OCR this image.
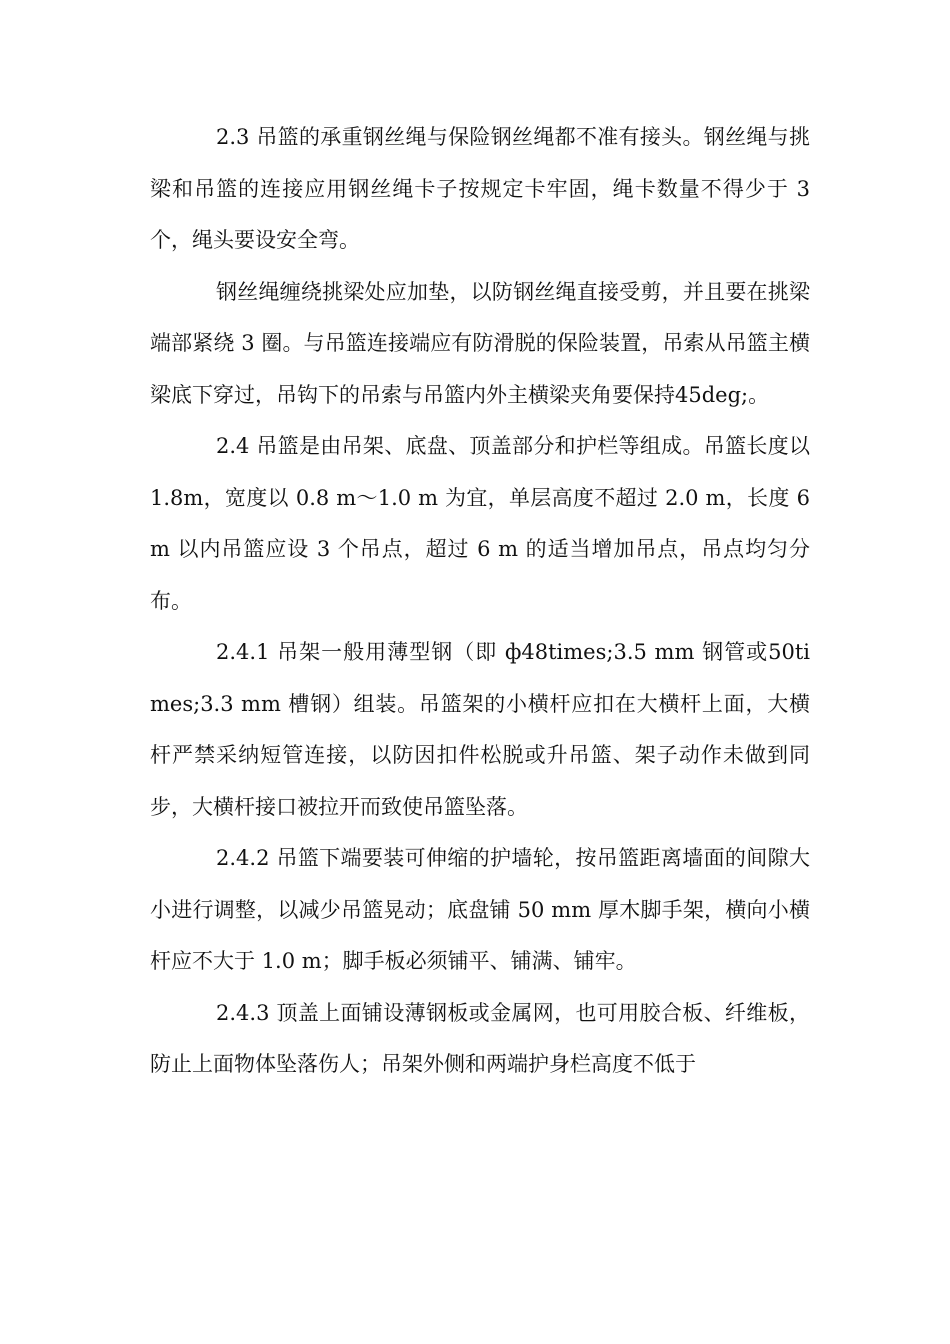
2.3 吊篮的承重钢丝绳与保险钢丝绳都不准有接头。钢丝绳与挑梁和吊篮的连接应用钢丝绳卡子按规定卡牢固，绳卡数量不得少于 3 个，绳头要设安全弯。

钢丝绳缠绕挑梁处应加垫，以防钢丝绳直接受剪，并且要在挑梁端部紧绕 3 圈。与吊篮连接端应有防滑脱的保险装置，吊索从吊篮主横梁底下穿过，吊钩下的吊索与吊篮内外主横梁夹角要保持45deg;。

2.4 吊篮是由吊架、底盘、顶盖部分和护栏等组成。吊篮长度以 1.8m，宽度以 0.8 m～1.0 m 为宜，单层高度不超过 2.0 m，长度 6 m 以内吊篮应设 3 个吊点，超过 6 m 的适当增加吊点，吊点均匀分布。

2.4.1 吊架一般用薄型钢（即 ф48times;3.5 mm 钢管或50times;3.3 mm 槽钢）组装。吊篮架的小横杆应扣在大横杆上面，大横杆严禁采纳短管连接，以防因扣件松脱或升吊篮、架子动作未做到同步，大横杆接口被拉开而致使吊篮坠落。

2.4.2 吊篮下端要装可伸缩的护墙轮，按吊篮距离墙面的间隙大小进行调整，以减少吊篮晃动；底盘铺 50 mm 厚木脚手架，横向小横杆应不大于 1.0 m；脚手板必须铺平、铺满、铺牢。

2.4.3 顶盖上面铺设薄钢板或金属网，也可用胶合板、纤维板，防止上面物体坠落伤人；吊架外侧和两端护身栏高度不低于
